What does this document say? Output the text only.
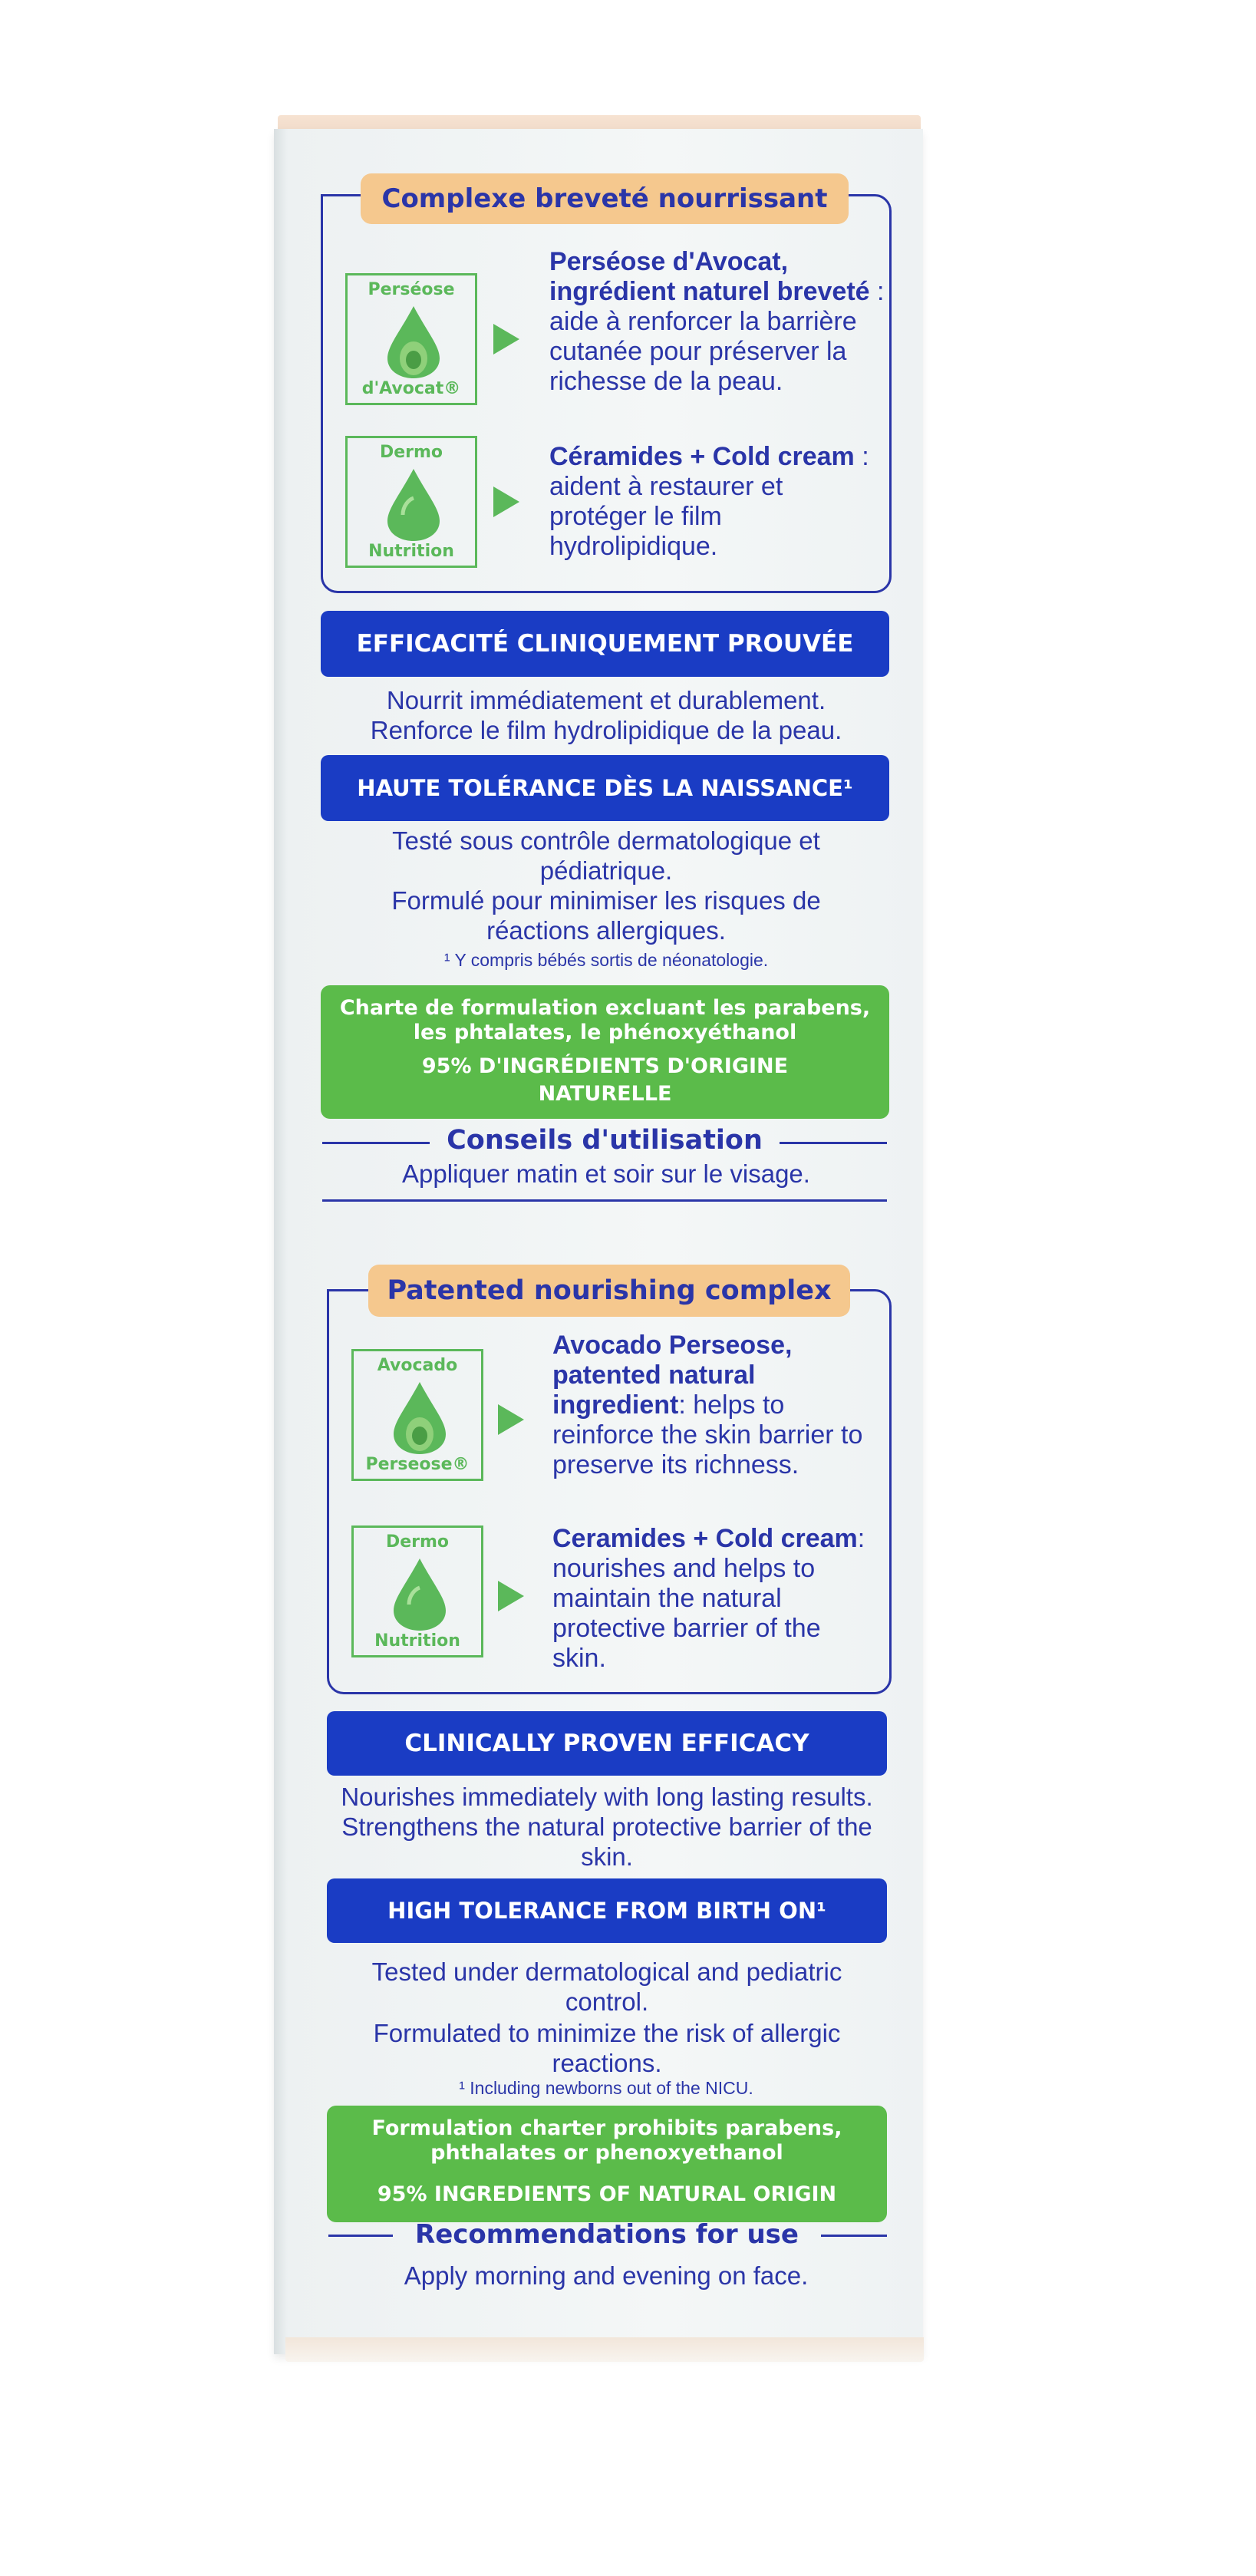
Complexe breveté nourrissant
Perséose
d'Avocat®
Perséose d'Avocat, ingrédient naturel breveté : aide à renforcer la barrière cutanée pour préserver la richesse de la peau.
Dermo
Nutrition
Céramides + Cold cream : aident à restaurer et protéger le film hydrolipidique.
EFFICACITÉ CLINIQUEMENT PROUVÉE
Nourrit immédiatement et durablement.
Renforce le film hydrolipidique de la peau.
HAUTE TOLÉRANCE DÈS LA NAISSANCE¹
Testé sous contrôle dermatologique et pédiatrique.
Formulé pour minimiser les risques de réactions allergiques.
¹ Y compris bébés sortis de néonatologie.
Charte de formulation excluant les parabens,
les phtalates, le phénoxyéthanol
95% D'INGRÉDIENTS D'ORIGINE
NATURELLE
Conseils d'utilisation
Appliquer matin et soir sur le visage.
Patented nourishing complex
Avocado
Perseose®
Avocado Perseose, patented natural ingredient: helps to reinforce the skin barrier to preserve its richness.
Dermo
Nutrition
Ceramides + Cold cream: nourishes and helps to maintain the natural protective barrier of the skin.
CLINICALLY PROVEN EFFICACY
Nourishes immediately with long lasting results. Strengthens the natural protective barrier of the skin.
HIGH TOLERANCE FROM BIRTH ON¹
Tested under dermatological and pediatric control.
Formulated to minimize the risk of allergic reactions.
¹ Including newborns out of the NICU.
Formulation charter prohibits parabens,
phthalates or phenoxyethanol
95% INGREDIENTS OF NATURAL ORIGIN
Recommendations for use
Apply morning and evening on face.
